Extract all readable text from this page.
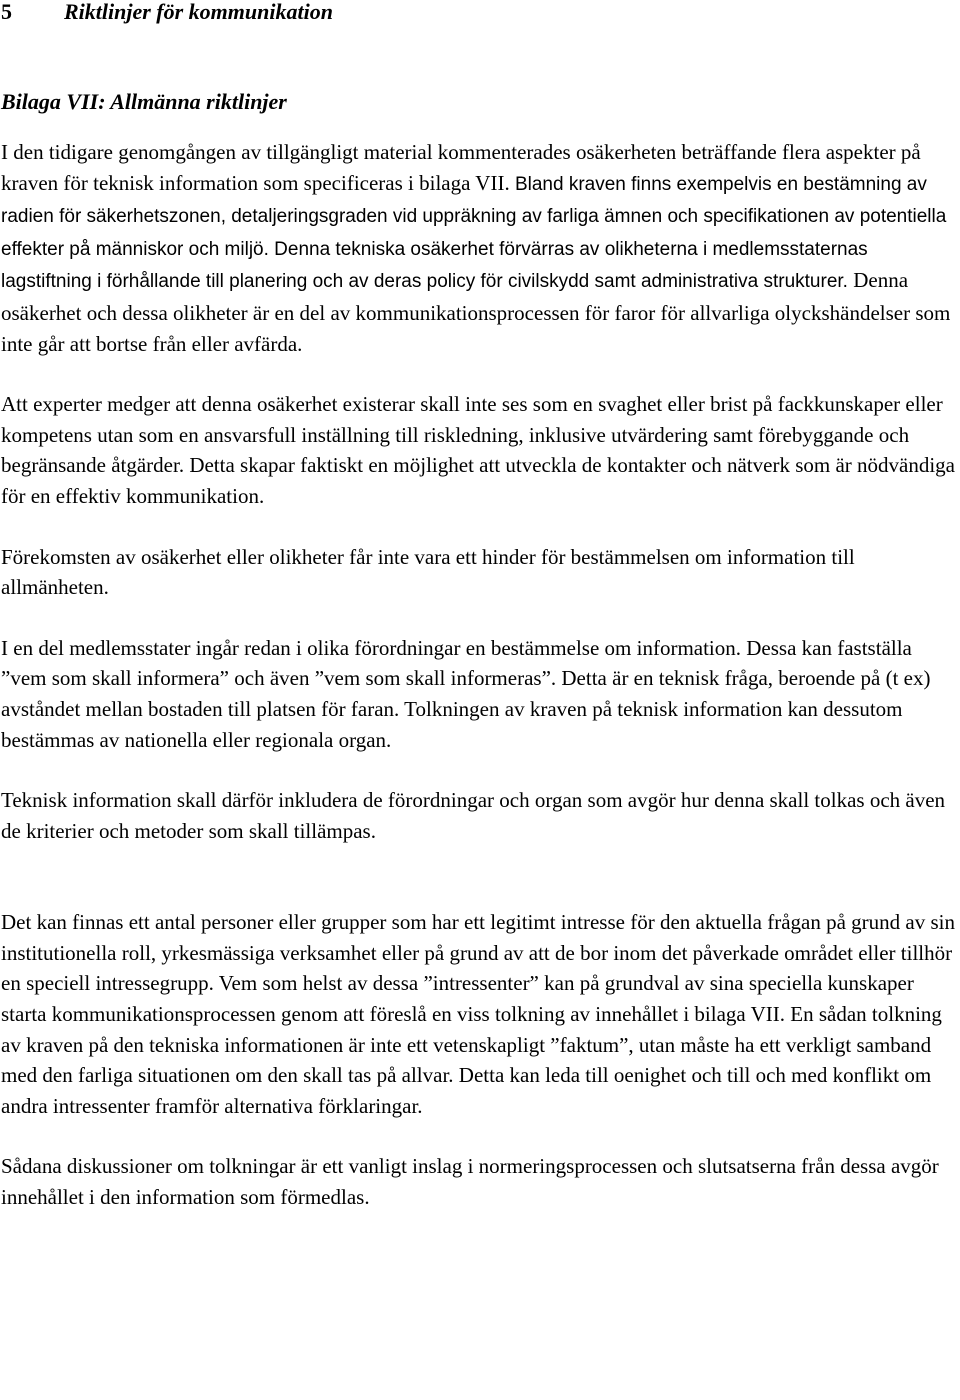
5 Riktlinjer för kommunikation
Bilaga VII: Allmänna riktlinjer

I den tidigare genomgången av tillgängligt material kommenterades osäkerheten beträffande flera aspekter på kraven för teknisk information som specificeras i bilaga VII. Bland kraven finns exempelvis en bestämning av radien för säkerhetszonen, detaljeringsgraden vid uppräkning av farliga ämnen och specifikationen av potentiella effekter på människor och miljö. Denna tekniska osäkerhet förvärras av olikheterna i medlemsstaternas lagstiftning i förhållande till planering och av deras policy för civilskydd samt administrativa strukturer. Denna osäkerhet och dessa olikheter är en del av kommunikationsprocessen för faror för allvarliga olyckshändelser som inte går att bortse från eller avfärda.

Att experter medger att denna osäkerhet existerar skall inte ses som en svaghet eller brist på fackkunskaper eller kompetens utan som en ansvarsfull inställning till riskledning, inklusive utvärdering samt förebyggande och begränsande åtgärder. Detta skapar faktiskt en möjlighet att utveckla de kontakter och nätverk som är nödvändiga för en effektiv kommunikation.

Förekomsten av osäkerhet eller olikheter får inte vara ett hinder för bestämmelsen om information till allmänheten.

I en del medlemsstater ingår redan i olika förordningar en bestämmelse om information. Dessa kan fastställa ”vem som skall informera” och även ”vem som skall informeras”. Detta är en teknisk fråga, beroende på (t ex) avståndet mellan bostaden till platsen för faran. Tolkningen av kraven på teknisk information kan dessutom bestämmas av nationella eller regionala organ.

Teknisk information skall därför inkludera de förordningar och organ som avgör hur denna skall tolkas och även de kriterier och metoder som skall tillämpas.

Det kan finnas ett antal personer eller grupper som har ett legitimt intresse för den aktuella frågan på grund av sin institutionella roll, yrkesmässiga verksamhet eller på grund av att de bor inom det påverkade området eller tillhör en speciell intressegrupp. Vem som helst av dessa ”intressenter” kan på grundval av sina speciella kunskaper starta kommunikationsprocessen genom att föreslå en viss tolkning av innehållet i bilaga VII. En sådan tolkning av kraven på den tekniska informationen är inte ett vetenskapligt ”faktum”, utan måste ha ett verkligt samband med den farliga situationen om den skall tas på allvar. Detta kan leda till oenighet och till och med konflikt om andra intressenter framför alternativa förklaringar.

Sådana diskussioner om tolkningar är ett vanligt inslag i normeringsprocessen och slutsatserna från dessa avgör innehållet i den information som förmedlas.
